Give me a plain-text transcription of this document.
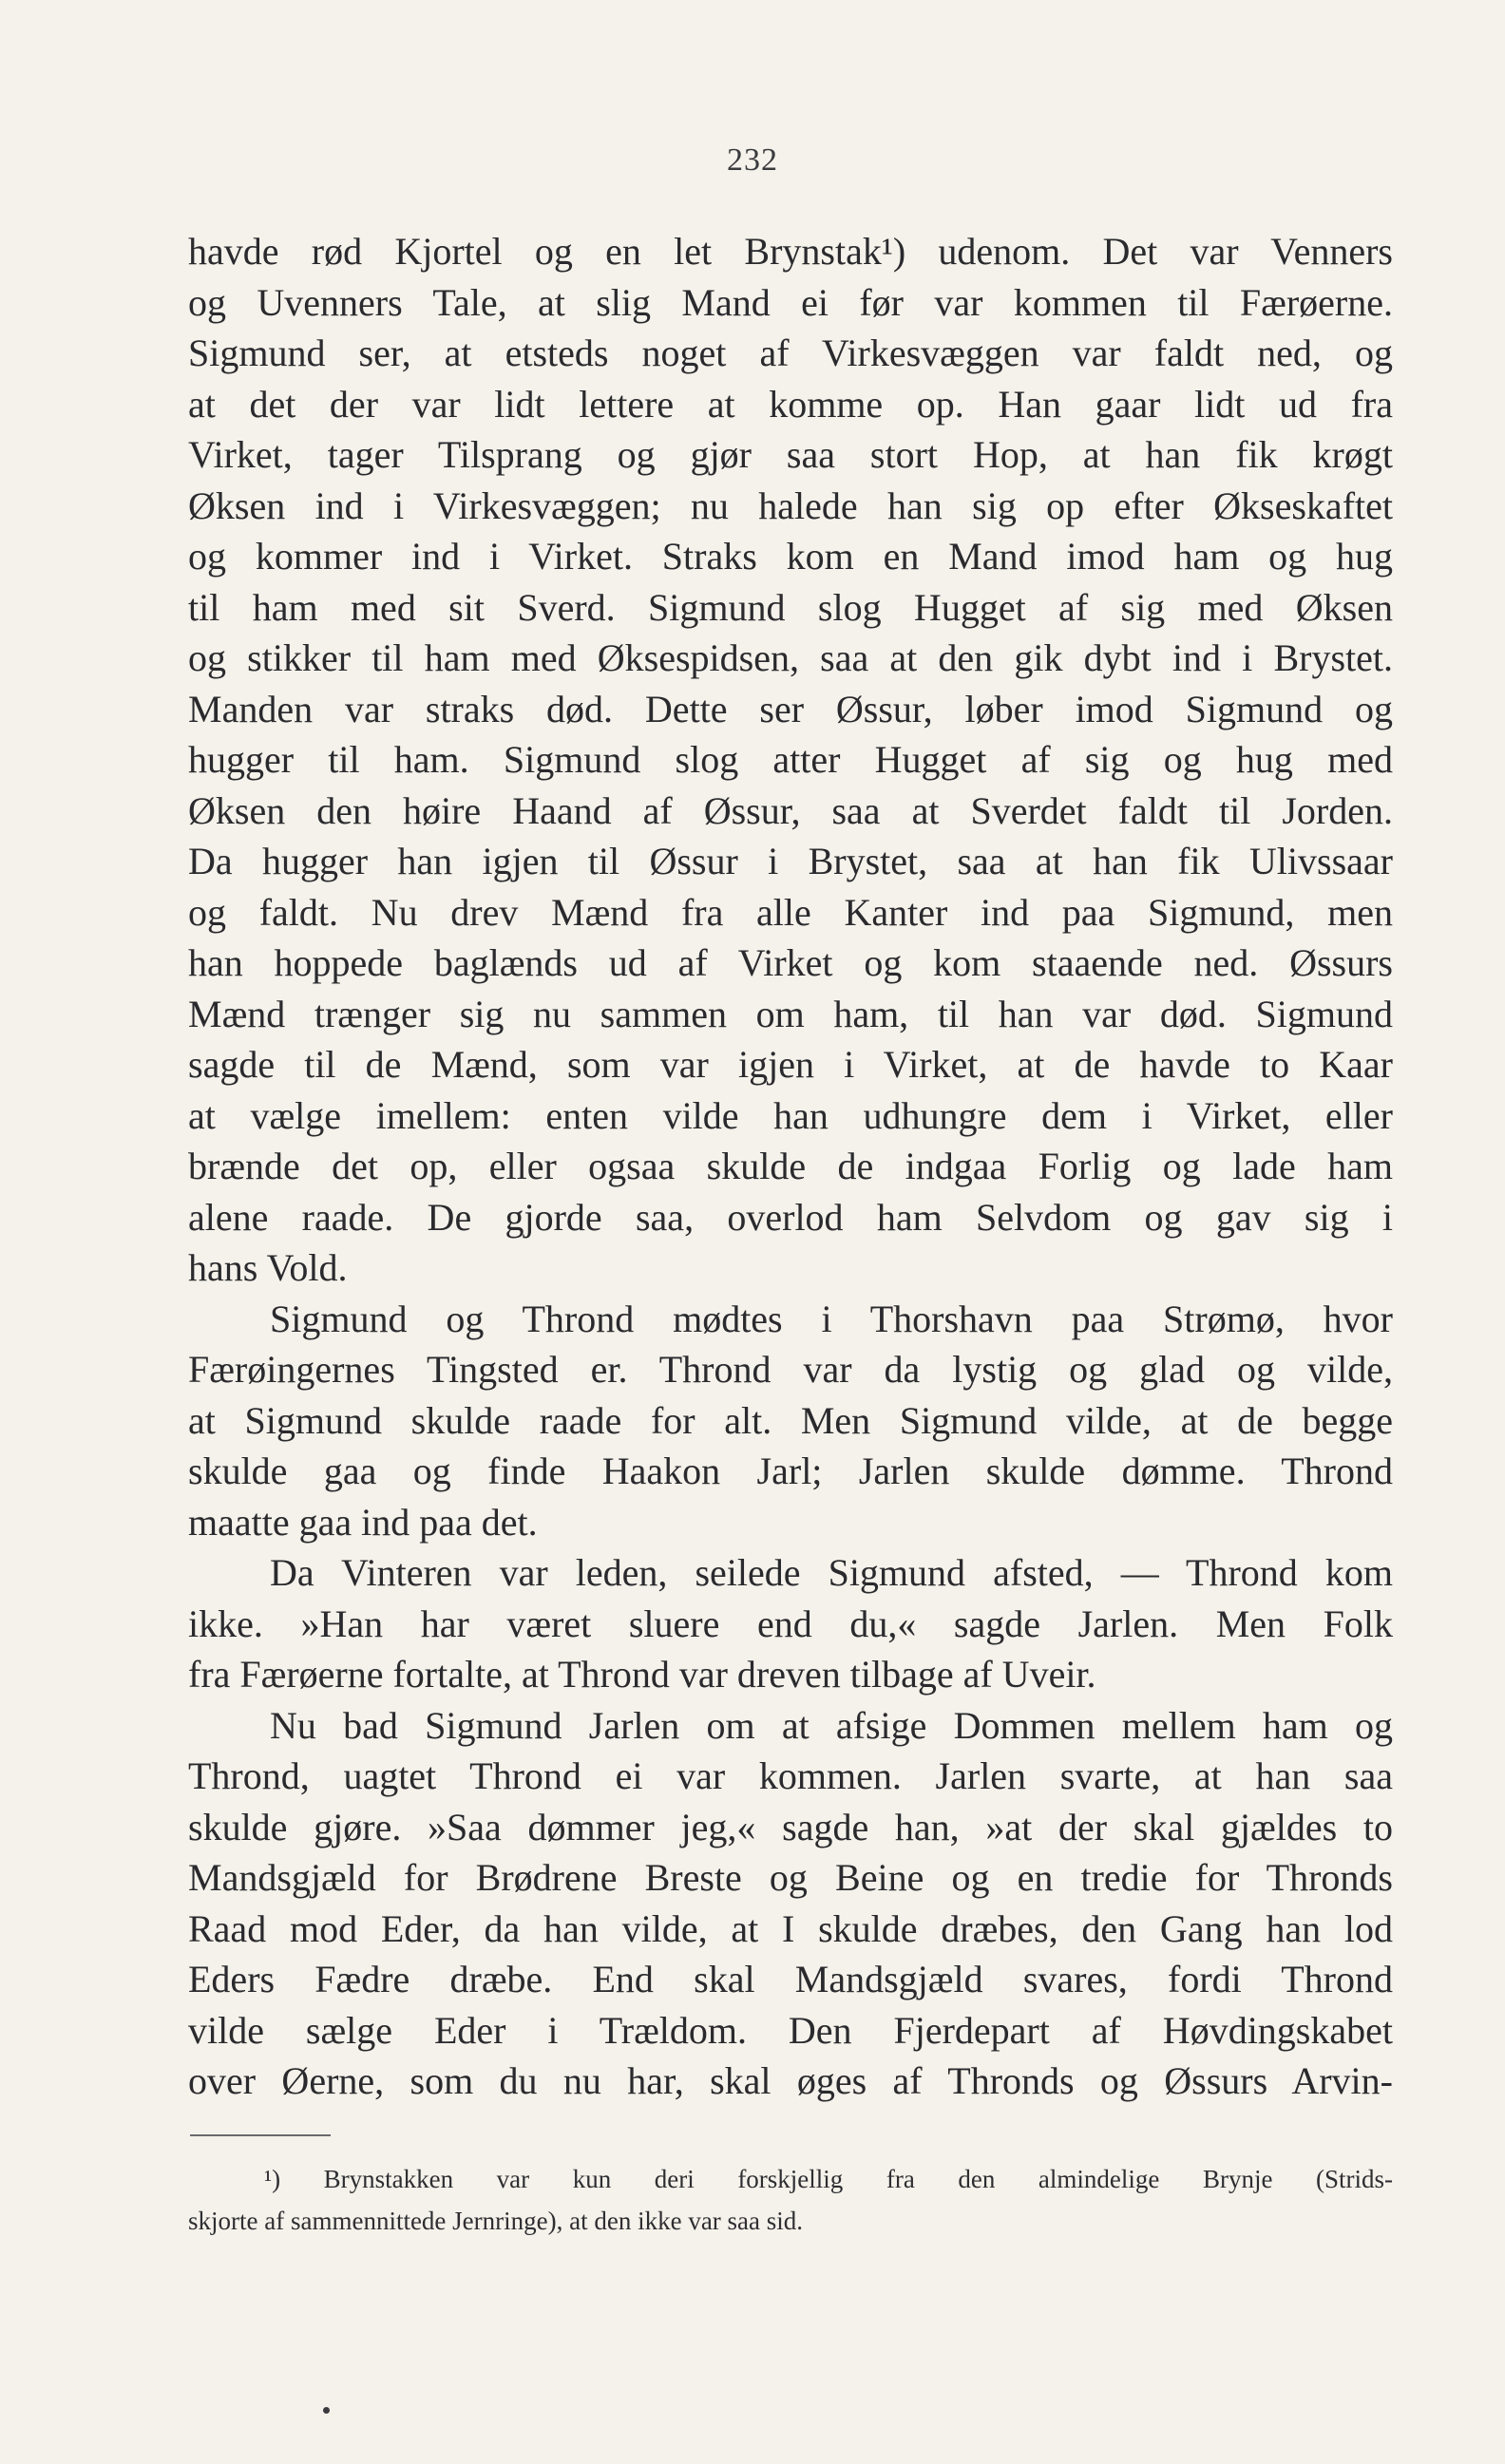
232
havde rød Kjortel og en let Brynstak¹) udenom. Det var Venners
og Uvenners Tale, at slig Mand ei før var kommen til Færøerne.
Sigmund ser, at etsteds noget af Virkesvæggen var faldt ned, og
at det der var lidt lettere at komme op. Han gaar lidt ud fra
Virket, tager Tilsprang og gjør saa stort Hop, at han fik krøgt
Øksen ind i Virkesvæggen; nu halede han sig op efter Økseskaftet
og kommer ind i Virket. Straks kom en Mand imod ham og hug
til ham med sit Sverd. Sigmund slog Hugget af sig med Øksen
og stikker til ham med Øksespidsen, saa at den gik dybt ind i Brystet.
Manden var straks død. Dette ser Øssur, løber imod Sigmund og
hugger til ham. Sigmund slog atter Hugget af sig og hug med
Øksen den høire Haand af Øssur, saa at Sverdet faldt til Jorden.
Da hugger han igjen til Øssur i Brystet, saa at han fik Ulivssaar
og faldt. Nu drev Mænd fra alle Kanter ind paa Sigmund, men
han hoppede baglænds ud af Virket og kom staaende ned. Øssurs
Mænd trænger sig nu sammen om ham, til han var død. Sigmund
sagde til de Mænd, som var igjen i Virket, at de havde to Kaar
at vælge imellem: enten vilde han udhungre dem i Virket, eller
brænde det op, eller ogsaa skulde de indgaa Forlig og lade ham
alene raade. De gjorde saa, overlod ham Selvdom og gav sig i
hans Vold.
Sigmund og Thrond mødtes i Thorshavn paa Strømø, hvor
Færøingernes Tingsted er. Thrond var da lystig og glad og vilde,
at Sigmund skulde raade for alt. Men Sigmund vilde, at de begge
skulde gaa og finde Haakon Jarl; Jarlen skulde dømme. Thrond
maatte gaa ind paa det.
Da Vinteren var leden, seilede Sigmund afsted, — Thrond kom
ikke. »Han har været sluere end du,« sagde Jarlen. Men Folk
fra Færøerne fortalte, at Thrond var dreven tilbage af Uveir.
Nu bad Sigmund Jarlen om at afsige Dommen mellem ham og
Thrond, uagtet Thrond ei var kommen. Jarlen svarte, at han saa
skulde gjøre. »Saa dømmer jeg,« sagde han, »at der skal gjældes to
Mandsgjæld for Brødrene Breste og Beine og en tredie for Thronds
Raad mod Eder, da han vilde, at I skulde dræbes, den Gang han lod
Eders Fædre dræbe. End skal Mandsgjæld svares, fordi Thrond
vilde sælge Eder i Trældom. Den Fjerdepart af Høvdingskabet
over Øerne, som du nu har, skal øges af Thronds og Øssurs Arvin-
¹) Brynstakken var kun deri forskjellig fra den almindelige Brynje (Strids-
skjorte af sammennittede Jernringe), at den ikke var saa sid.
